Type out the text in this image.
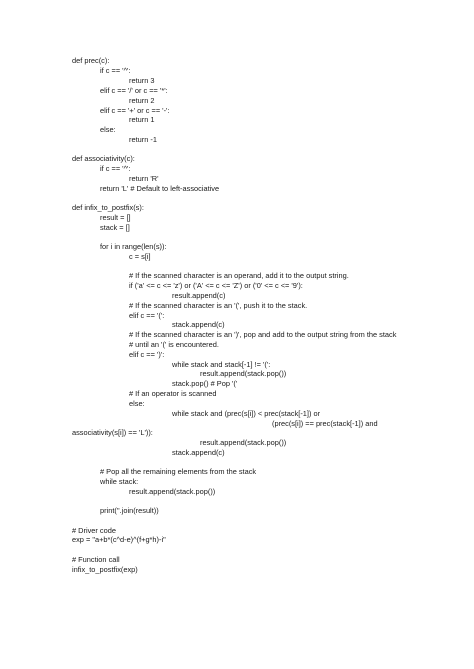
def prec(c):
if c == '^':
return 3
elif c == '/' or c == '*':
return 2
elif c == '+' or c == '-':
return 1
else:
return -1
def associativity(c):
if c == '^':
return 'R'
return 'L' # Default to left-associative
def infix_to_postfix(s):
result = []
stack = []
for i in range(len(s)):
c = s[i]
# If the scanned character is an operand, add it to the output string.
if ('a' <= c <= 'z') or ('A' <= c <= 'Z') or ('0' <= c <= '9'):
result.append(c)
# If the scanned character is an '(', push it to the stack.
elif c == '(':
stack.append(c)
# If the scanned character is an ')', pop and add to the output string from the stack
# until an '(' is encountered.
elif c == ')':
while stack and stack[-1] != '(':
result.append(stack.pop())
stack.pop() # Pop '('
# If an operator is scanned
else:
while stack and (prec(s[i]) < prec(stack[-1]) or
(prec(s[i]) == prec(stack[-1]) and
associativity(s[i]) == 'L')):
result.append(stack.pop())
stack.append(c)
# Pop all the remaining elements from the stack
while stack:
result.append(stack.pop())
print(''.join(result))
# Driver code
exp = "a+b*(c^d-e)^(f+g*h)-i"
# Function call
infix_to_postfix(exp)
